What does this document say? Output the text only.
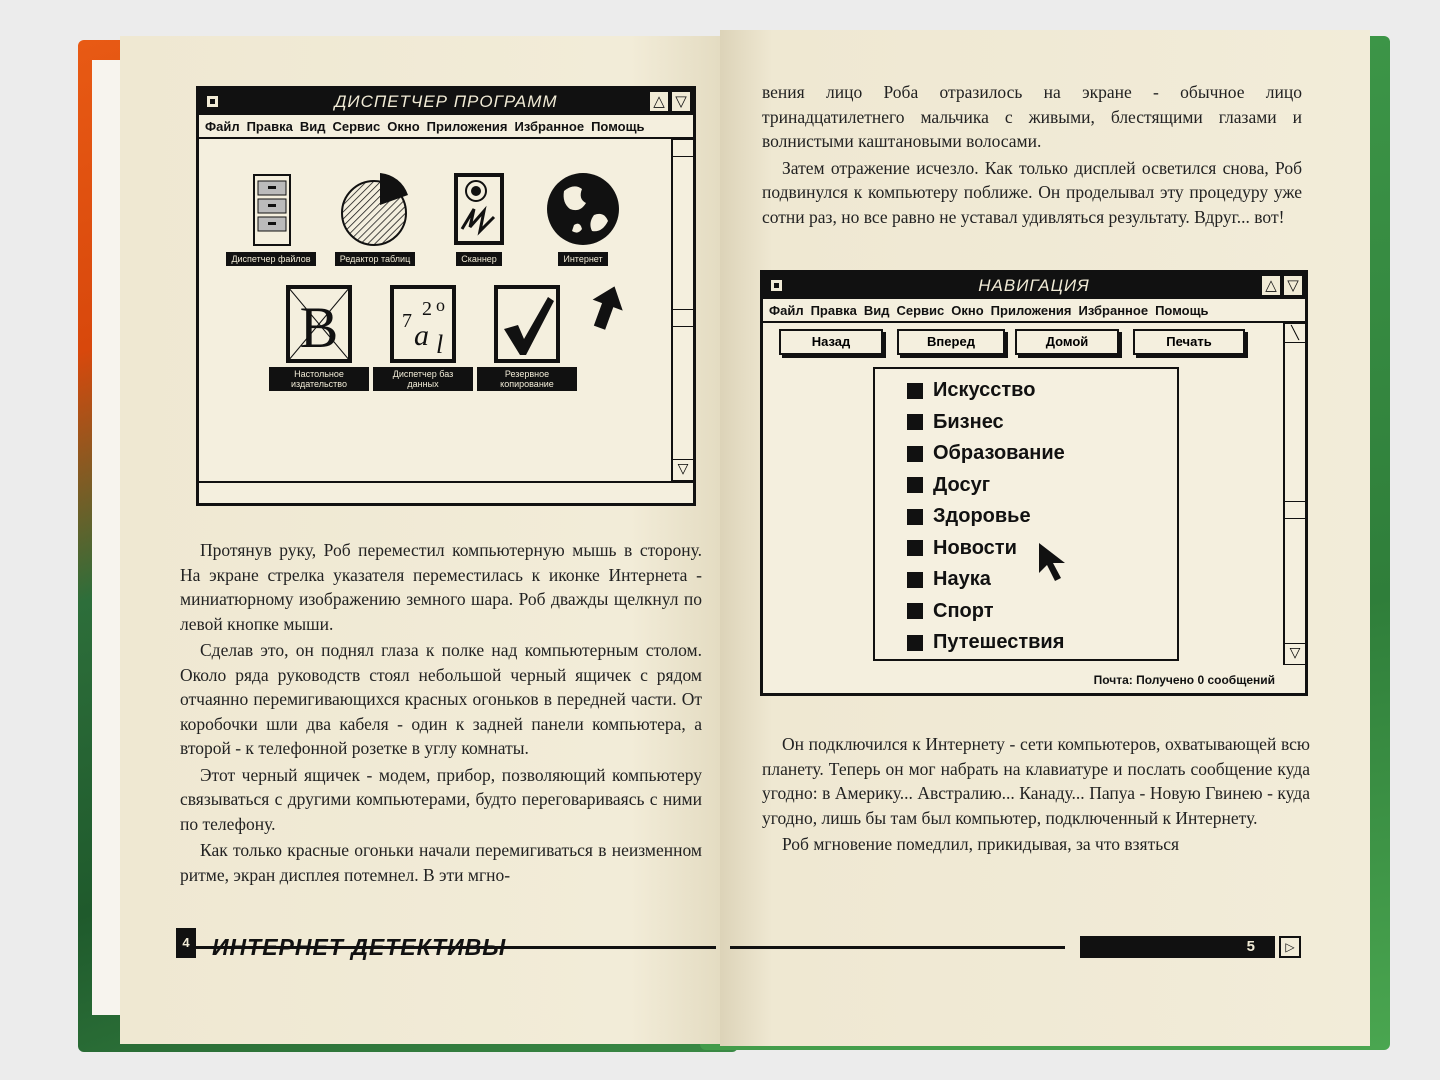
ДИСПЕТЧЕР ПРОГРАММ	△ ▽
Файл Правка Вид Сервис Окно Приложения Избранное Помощь
▽
Диспетчер файлов	Редактор таблиц	Сканнер	Интернет
B
Настольное издательство
7
2 o
a l
Диспетчер баз данных
Резервное копирование

Протянув руку, Роб переместил компьютерную мышь в сторону. На экране стрелка указателя переместилась к иконке Интернета - миниатюрному изображению земного шара. Роб дважды щелкнул по левой кнопке мыши.

Сделав это, он поднял глаза к полке над компьютерным столом. Около ряда руководств стоял небольшой черный ящичек с рядом отчаянно перемигивающихся красных огоньков в передней части. От коробочки шли два кабеля - один к задней панели компьютера, а второй - к телефонной розетке в углу комнаты.

Этот черный ящичек - модем, прибор, позволяющий компьютеру связываться с другими компьютерами, будто переговариваясь с ними по телефону.

Как только красные огоньки начали перемигиваться в неизменном ритме, экран дисплея потемнел. В эти мгно-

4 ИНТЕРНЕТ ДЕТЕКТИВЫ

вения лицо Роба отразилось на экране - обычное лицо тринадцатилетнего мальчика с живыми, блестящими глазами и волнистыми каштановыми волосами.

Затем отражение исчезло. Как только дисплей осветился снова, Роб подвинулся к компьютеру поближе. Он проделывал эту процедуру уже сотни раз, но все равно не уставал удивляться результату. Вдруг... вот!

НАВИГАЦИЯ	△ ▽
Файл Правка Вид Сервис Окно Приложения Избранное Помощь
Назад	Вперед	Домой	Печать
╲
▽
Искусство
Бизнес
Образование
Досуг
Здоровье
Новости
Наука
Спорт
Путешествия
Почта: Получено 0 сообщений

Он подключился к Интернету - сети компьютеров, охватывающей всю планету. Теперь он мог набрать на клавиатуре и послать сообщение куда угодно: в Америку... Австралию... Канаду... Папуа - Новую Гвинею - куда угодно, лишь бы там был компьютер, подключенный к Интернету.

Роб мгновение помедлил, прикидывая, за что взяться

5	▷
